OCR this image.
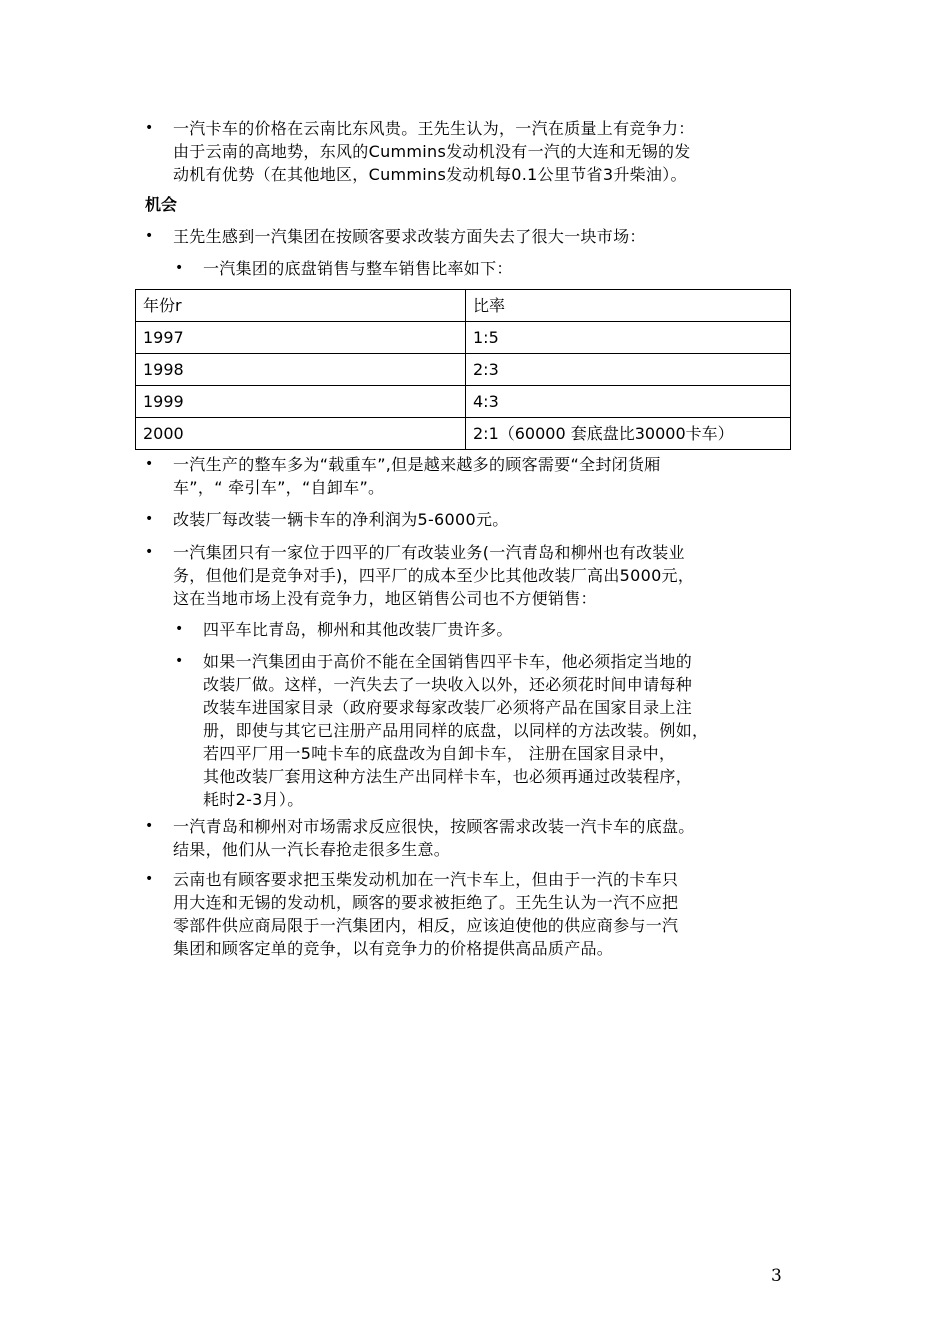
• 一汽卡车的价格在云南比东风贵。王先生认为，一汽在质量上有竞争力：
由于云南的高地势，东风的Cummins发动机没有一汽的大连和无锡的发
动机有优势（在其他地区，Cummins发动机每0.1公里节省3升柴油）。
机会
• 王先生感到一汽集团在按顾客要求改装方面失去了很大一块市场：
• 一汽集团的底盘销售与整车销售比率如下：
年份r	比率
1997	1:5
1998	2:3
1999	4:3
2000	2:1（60000 套底盘比30000卡车）
• 一汽生产的整车多为“载重车”,但是越来越多的顾客需要“全封闭货厢
车”，“ 牵引车”，“自卸车”。
• 改装厂每改装一辆卡车的净利润为5-6000元。
• 一汽集团只有一家位于四平的厂有改装业务(一汽青岛和柳州也有改装业
务，但他们是竞争对手)，四平厂的成本至少比其他改装厂高出5000元，
这在当地市场上没有竞争力，地区销售公司也不方便销售：
• 四平车比青岛，柳州和其他改装厂贵许多。
• 如果一汽集团由于高价不能在全国销售四平卡车，他必须指定当地的
改装厂做。这样，一汽失去了一块收入以外，还必须花时间申请每种
改装车进国家目录（政府要求每家改装厂必须将产品在国家目录上注
册，即使与其它已注册产品用同样的底盘，以同样的方法改装。例如，
若四平厂用一5吨卡车的底盘改为自卸卡车， 注册在国家目录中，
其他改装厂套用这种方法生产出同样卡车，也必须再通过改装程序，
耗时2-3月）。
• 一汽青岛和柳州对市场需求反应很快，按顾客需求改装一汽卡车的底盘。
结果，他们从一汽长春抢走很多生意。
• 云南也有顾客要求把玉柴发动机加在一汽卡车上，但由于一汽的卡车只
用大连和无锡的发动机，顾客的要求被拒绝了。王先生认为一汽不应把
零部件供应商局限于一汽集团内，相反，应该迫使他的供应商参与一汽
集团和顾客定单的竞争，以有竞争力的价格提供高品质产品。
3
